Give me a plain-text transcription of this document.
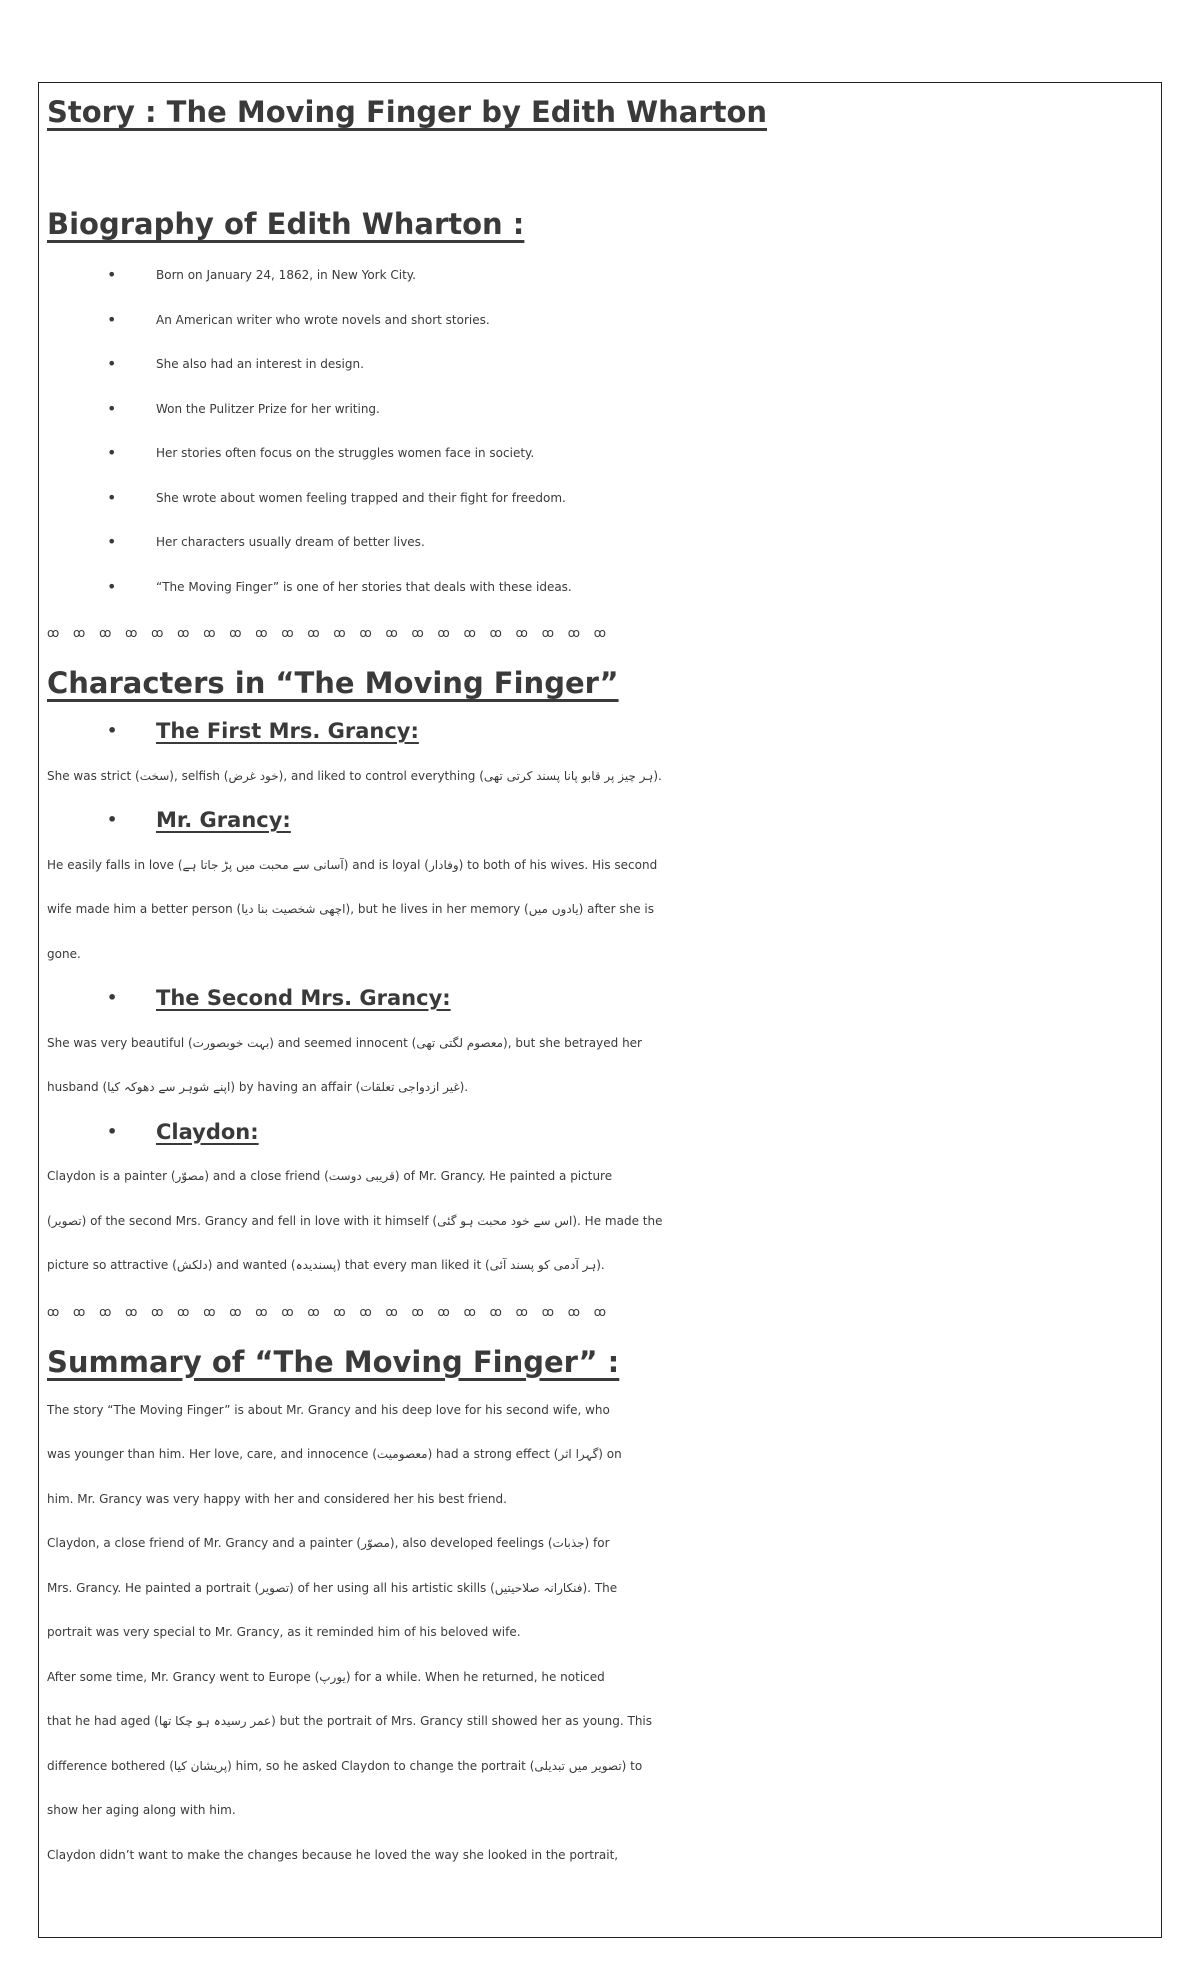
Story : The Moving Finger by Edith Wharton
Biography of Edith Wharton :
• Born on January 24, 1862, in New York City.
• An American writer who wrote novels and short stories.
• She also had an interest in design.
• Won the Pulitzer Prize for her writing.
• Her stories often focus on the struggles women face in society.
• She wrote about women feeling trapped and their fight for freedom.
• Her characters usually dream of better lives.
• “The Moving Finger” is one of her stories that deals with these ideas.
ꝏ ꝏ ꝏ ꝏ ꝏ ꝏ ꝏ ꝏ ꝏ ꝏ ꝏ ꝏ ꝏ ꝏ ꝏ ꝏ ꝏ ꝏ ꝏ ꝏ ꝏ ꝏ
Characters in “The Moving Finger”
• The First Mrs. Grancy:
She was strict (سخت), selfish (خود غرض), and liked to control everything (ہر چیز پر قابو پانا پسند کرتی تھی).
• Mr. Grancy:
He easily falls in love (آسانی سے محبت میں پڑ جاتا ہے) and is loyal (وفادار) to both of his wives. His second
wife made him a better person (اچھی شخصیت بنا دیا), but he lives in her memory (یادوں میں) after she is
gone.
• The Second Mrs. Grancy:
She was very beautiful (بہت خوبصورت) and seemed innocent (معصوم لگتی تھی), but she betrayed her
husband (اپنے شوہر سے دھوکہ کیا) by having an affair (غیر ازدواجی تعلقات).
• Claydon:
Claydon is a painter (مصوّر) and a close friend (قریبی دوست) of Mr. Grancy. He painted a picture
(تصویر) of the second Mrs. Grancy and fell in love with it himself (اس سے خود محبت ہو گئی). He made the
picture so attractive (دلکش) and wanted (پسندیدہ) that every man liked it (ہر آدمی کو پسند آئی).
ꝏ ꝏ ꝏ ꝏ ꝏ ꝏ ꝏ ꝏ ꝏ ꝏ ꝏ ꝏ ꝏ ꝏ ꝏ ꝏ ꝏ ꝏ ꝏ ꝏ ꝏ ꝏ
Summary of “The Moving Finger” :
The story “The Moving Finger” is about Mr. Grancy and his deep love for his second wife, who
was younger than him. Her love, care, and innocence (معصومیت) had a strong effect (گہرا اثر) on
him. Mr. Grancy was very happy with her and considered her his best friend.
Claydon, a close friend of Mr. Grancy and a painter (مصوّر), also developed feelings (جذبات) for
Mrs. Grancy. He painted a portrait (تصویر) of her using all his artistic skills (فنکارانہ صلاحیتیں). The
portrait was very special to Mr. Grancy, as it reminded him of his beloved wife.
After some time, Mr. Grancy went to Europe (یورپ) for a while. When he returned, he noticed
that he had aged (عمر رسیدہ ہو چکا تھا) but the portrait of Mrs. Grancy still showed her as young. This
difference bothered (پریشان کیا) him, so he asked Claydon to change the portrait (تصویر میں تبدیلی) to
show her aging along with him.
Claydon didn’t want to make the changes because he loved the way she looked in the portrait,
